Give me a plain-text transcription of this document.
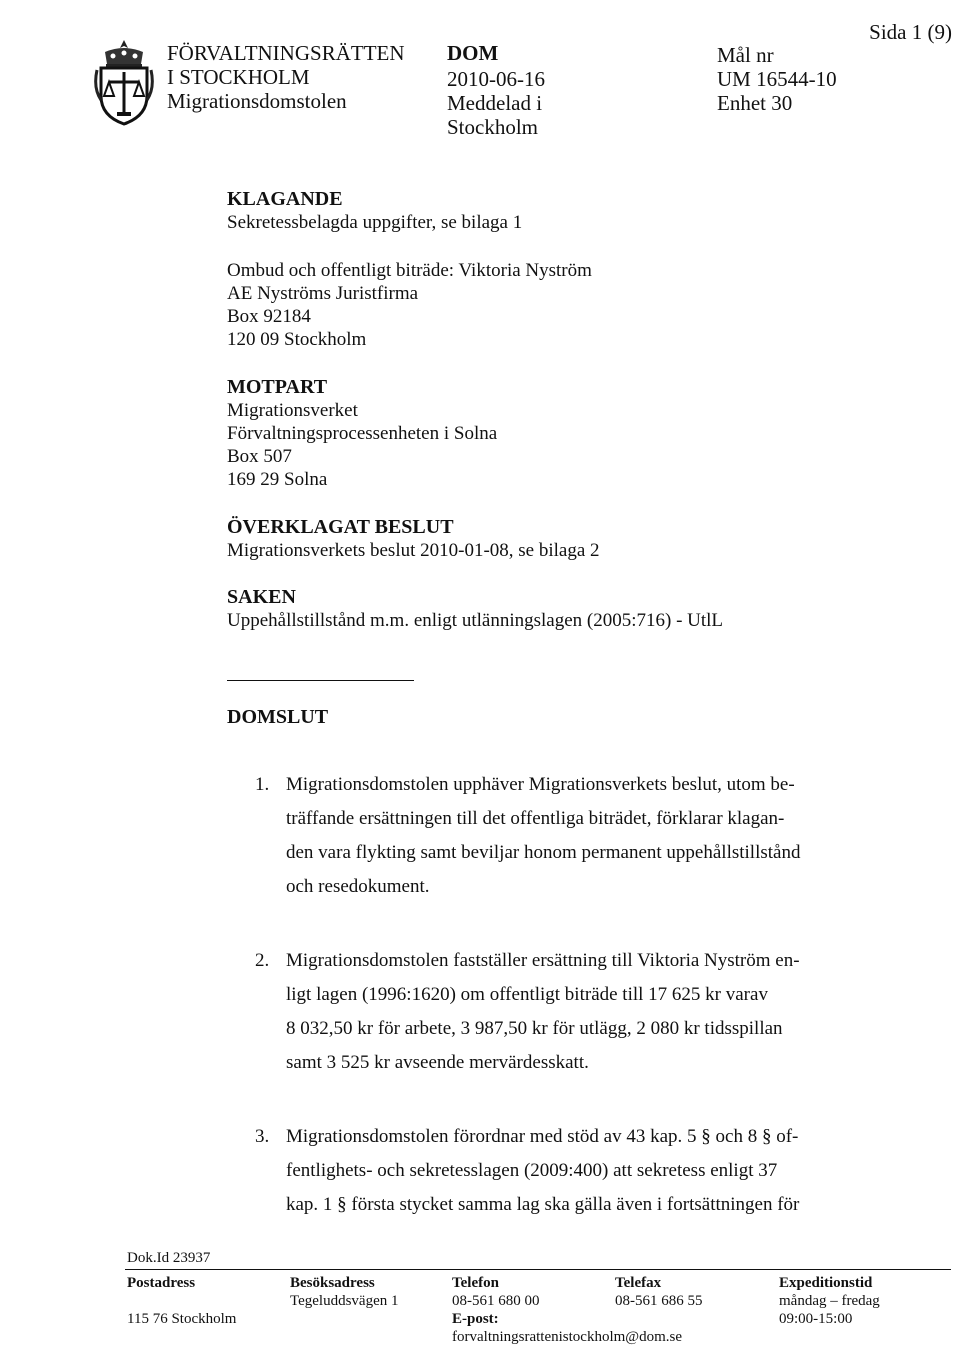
FÖRVALTNINGSRÄTTEN
I STOCKHOLM
Migrationsdomstolen
DOM
2010-06-16
Meddelad i
Stockholm
Mål nr
UM 16544-10
Enhet 30
Sida 1 (9)
KLAGANDE
Sekretessbelagda uppgifter, se bilaga 1
Ombud och offentligt biträde: Viktoria Nyström
AE Nyströms Juristfirma
Box 92184
120 09 Stockholm
MOTPART
Migrationsverket
Förvaltningsprocessenheten i Solna
Box 507
169 29 Solna
ÖVERKLAGAT BESLUT
Migrationsverkets beslut 2010-01-08, se bilaga 2
SAKEN
Uppehållstillstånd m.m. enligt utlänningslagen (2005:716) - UtlL
DOMSLUT
1. Migrationsdomstolen upphäver Migrationsverkets beslut, utom be-
träffande ersättningen till det offentliga biträdet, förklarar klagan-
den vara flykting samt beviljar honom permanent uppehållstillstånd
och resedokument.
2. Migrationsdomstolen fastställer ersättning till Viktoria Nyström en-
ligt lagen (1996:1620) om offentligt biträde till 17 625 kr varav
8 032,50 kr för arbete, 3 987,50 kr för utlägg, 2 080 kr tidsspillan
samt 3 525 kr avseende mervärdesskatt.
3. Migrationsdomstolen förordnar med stöd av 43 kap. 5 § och 8 § of-
fentlighets- och sekretesslagen (2009:400) att sekretess enligt 37
kap. 1 § första stycket samma lag ska gälla även i fortsättningen för
Dok.Id 23937
Postadress
115 76 Stockholm
Besöksadress
Tegeluddsvägen 1
Telefon
08-561 680 00
E-post:
forvaltningsrattenistockholm@dom.se
Telefax
08-561 686 55
Expeditionstid
måndag – fredag
09:00-15:00
